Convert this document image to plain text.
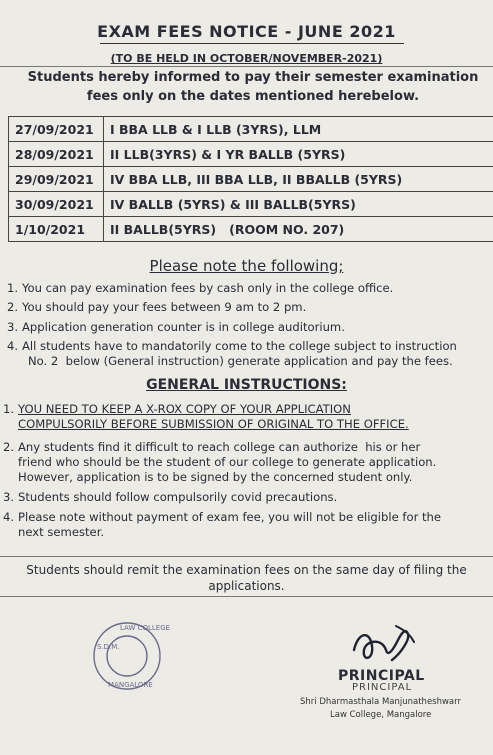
EXAM FEES NOTICE - JUNE 2021
(TO BE HELD IN OCTOBER/NOVEMBER-2021)
Students hereby informed to pay their semester examination
fees only on the dates mentioned herebelow.
27/09/2021	I BBA LLB & I LLB (3YRS), LLM
28/09/2021	II LLB(3YRS) & I YR BALLB (5YRS)
29/09/2021	IV BBA LLB, III BBA LLB, II BBALLB (5YRS)
30/09/2021	IV BALLB (5YRS) & III BALLB(5YRS)
1/10/2021	II BALLB(5YRS)   (ROOM NO. 207)
Please note the following;
1. You can pay examination fees by cash only in the college office.
2. You should pay your fees between 9 am to 2 pm.
3. Application generation counter is in college auditorium.
4. All students have to mandatorily come to the college subject to instruction
No. 2  below (General instruction) generate application and pay the fees.
GENERAL INSTRUCTIONS:
1. YOU NEED TO KEEP A X-ROX COPY OF YOUR APPLICATION
COMPULSORILY BEFORE SUBMISSION OF ORIGINAL TO THE OFFICE.
2. Any students find it difficult to reach college can authorize  his or her
friend who should be the student of our college to generate application.
However, application is to be signed by the concerned student only.
3. Students should follow compulsorily covid precautions.
4. Please note without payment of exam fee, you will not be eligible for the
next semester.
Students should remit the examination fees on the same day of filing the
applications.
LAW COLLEGE
S.D.M.
MANGALORE
PRINCIPAL
PRINCIPAL
Shri Dharmasthala Manjunatheshwarr
Law College, Mangalore
